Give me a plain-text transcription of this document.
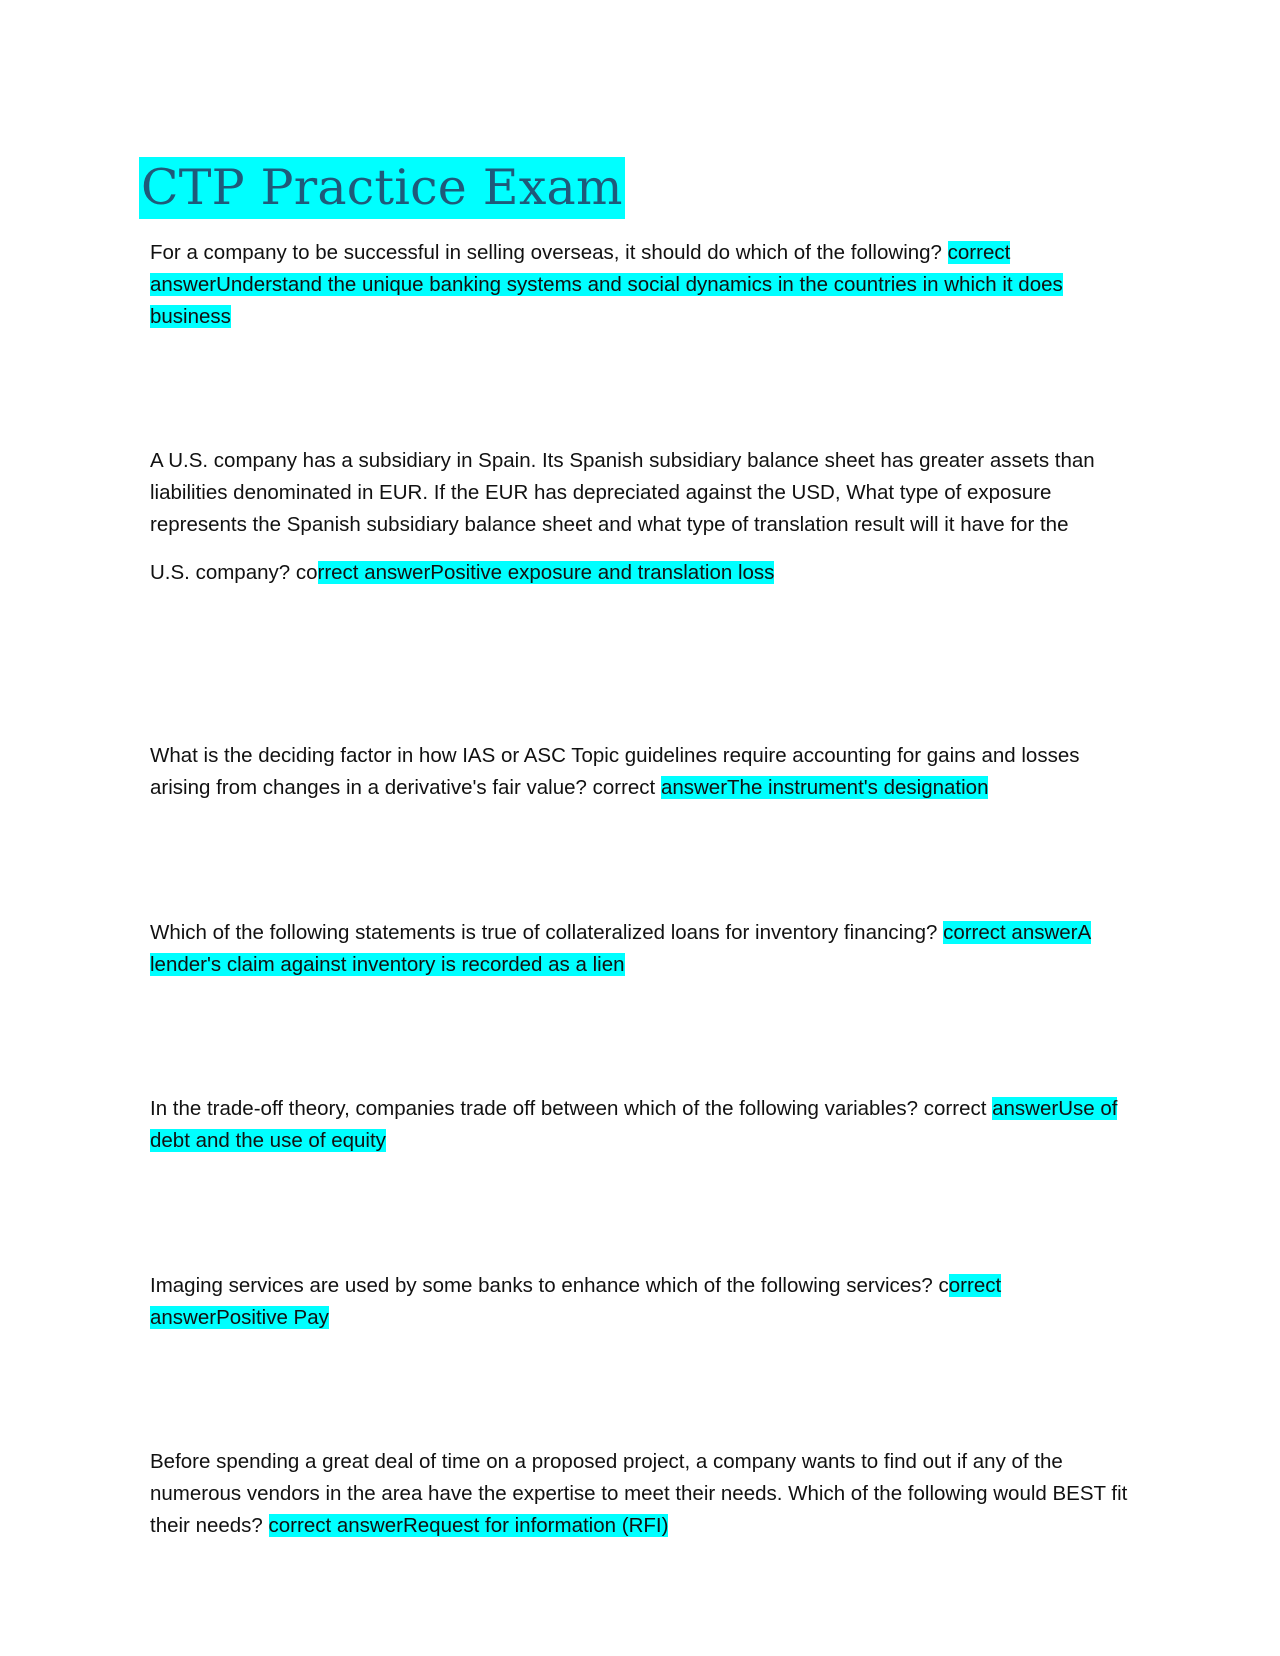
CTP Practice Exam

For a company to be successful in selling overseas, it should do which of the following? correct answerUnderstand the unique banking systems and social dynamics in the countries in which it does business

A U.S. company has a subsidiary in Spain. Its Spanish subsidiary balance sheet has greater assets than liabilities denominated in EUR. If the EUR has depreciated against the USD, What type of exposure represents the Spanish subsidiary balance sheet and what type of translation result will it have for the
U.S. company? correct answerPositive exposure and translation loss

What is the deciding factor in how IAS or ASC Topic guidelines require accounting for gains and losses arising from changes in a derivative's fair value? correct answerThe instrument's designation

Which of the following statements is true of collateralized loans for inventory financing? correct answerA lender's claim against inventory is recorded as a lien

In the trade-off theory, companies trade off between which of the following variables? correct answerUse of debt and the use of equity

Imaging services are used by some banks to enhance which of the following services? correct answerPositive Pay

Before spending a great deal of time on a proposed project, a company wants to find out if any of the numerous vendors in the area have the expertise to meet their needs. Which of the following would BEST fit their needs? correct answerRequest for information (RFI)
